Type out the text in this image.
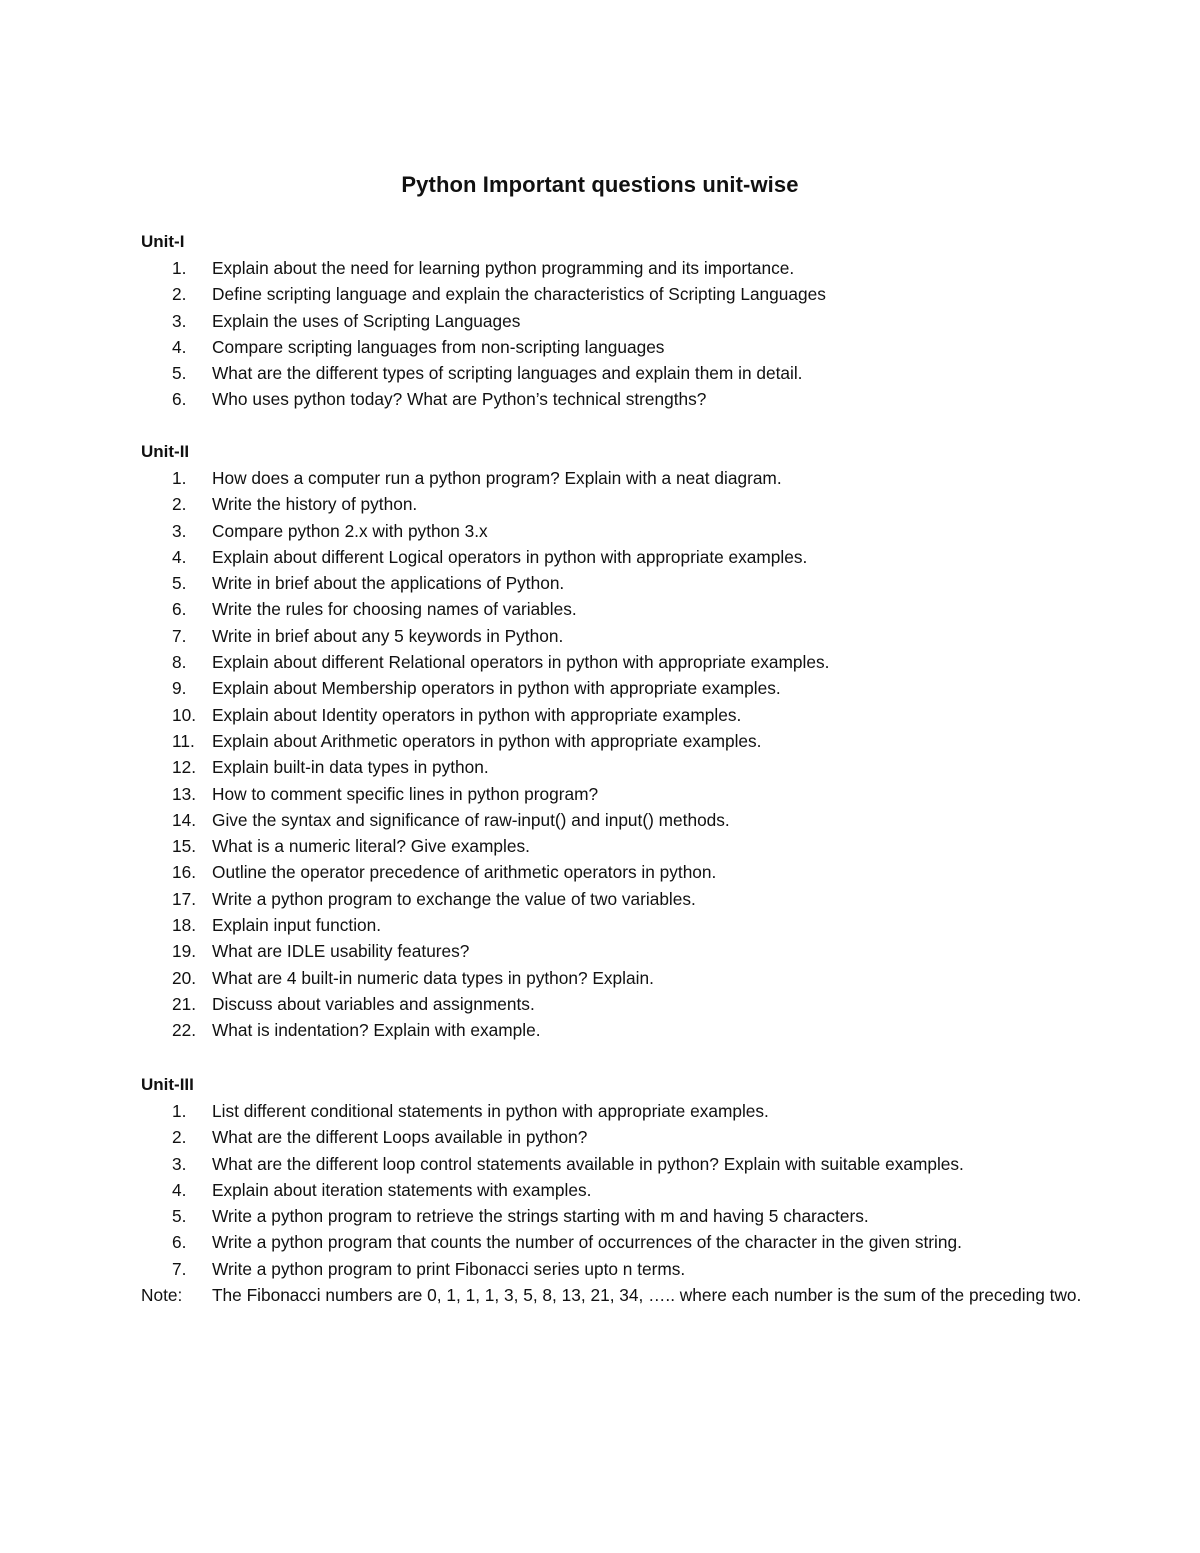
Python Important questions unit-wise
Unit-I
1.	Explain about the need for learning python programming and its importance.
2.	Define scripting language and explain the characteristics of Scripting Languages
3.	Explain the uses of Scripting Languages
4.	Compare scripting languages from non-scripting languages
5.	What are the different types of scripting languages and explain them in detail.
6.	Who uses python today? What are Python’s technical strengths?
Unit-II
1.	How does a computer run a python program? Explain with a neat diagram.
2.	Write the history of python.
3.	Compare python 2.x with python 3.x
4.	Explain about different Logical operators in python with appropriate examples.
5.	Write in brief about the applications of Python.
6.	Write the rules for choosing names of variables.
7.	Write in brief about any 5 keywords in Python.
8.	Explain about different Relational operators in python with appropriate examples.
9.	Explain about Membership operators in python with appropriate examples.
10. Explain about Identity operators in python with appropriate examples.
11. Explain about Arithmetic operators in python with appropriate examples.
12. Explain built-in data types in python.
13. How to comment specific lines in python program?
14. Give the syntax and significance of raw-input() and input() methods.
15. What is a numeric literal? Give examples.
16. Outline the operator precedence of arithmetic operators in python.
17. Write a python program to exchange the value of two variables.
18. Explain input function.
19. What are IDLE usability features?
20. What are 4 built-in numeric data types in python? Explain.
21. Discuss about variables and assignments.
22. What is indentation? Explain with example.
Unit-III
1.	List different conditional statements in python with appropriate examples.
2.	What are the different Loops available in python?
3.	What are the different loop control statements available in python? Explain with suitable examples.
4.	Explain about iteration statements with examples.
5.	Write a python program to retrieve the strings starting with m and having 5 characters.
6.	Write a python program that counts the number of occurrences of the character in the given string.
7.	Write a python program to print Fibonacci series upto n terms.
Note: The Fibonacci numbers are 0, 1, 1, 1, 3, 5, 8, 13, 21, 34, ….. where each number is the sum of the preceding two.
